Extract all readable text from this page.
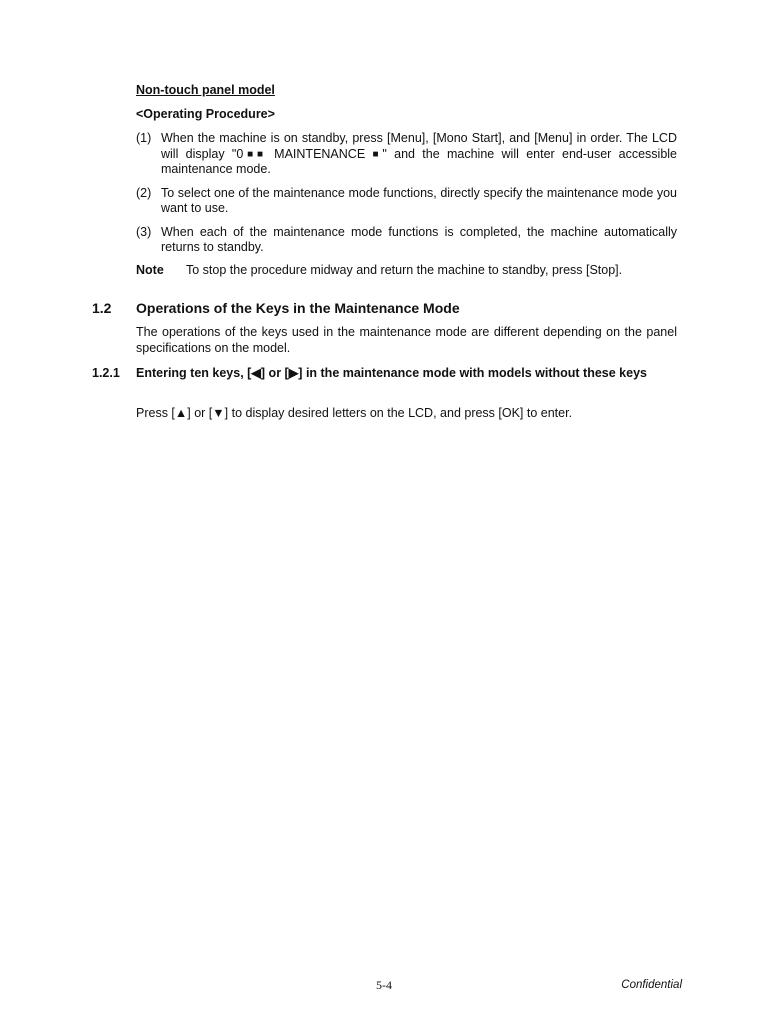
Non-touch panel model
<Operating Procedure>
(1) When the machine is on standby, press [Menu], [Mono Start], and [Menu] in order. The LCD will display "0■■ MAINTENANCE ■" and the machine will enter end-user accessible maintenance mode.
(2) To select one of the maintenance mode functions, directly specify the maintenance mode you want to use.
(3) When each of the maintenance mode functions is completed, the machine automatically returns to standby.
Note	To stop the procedure midway and return the machine to standby, press [Stop].
1.2 Operations of the Keys in the Maintenance Mode
The operations of the keys used in the maintenance mode are different depending on the panel specifications on the model.
1.2.1 Entering ten keys, [◀] or [▶] in the maintenance mode with models without these keys
Press [▲] or [▼] to display desired letters on the LCD, and press [OK] to enter.
5-4	Confidential
